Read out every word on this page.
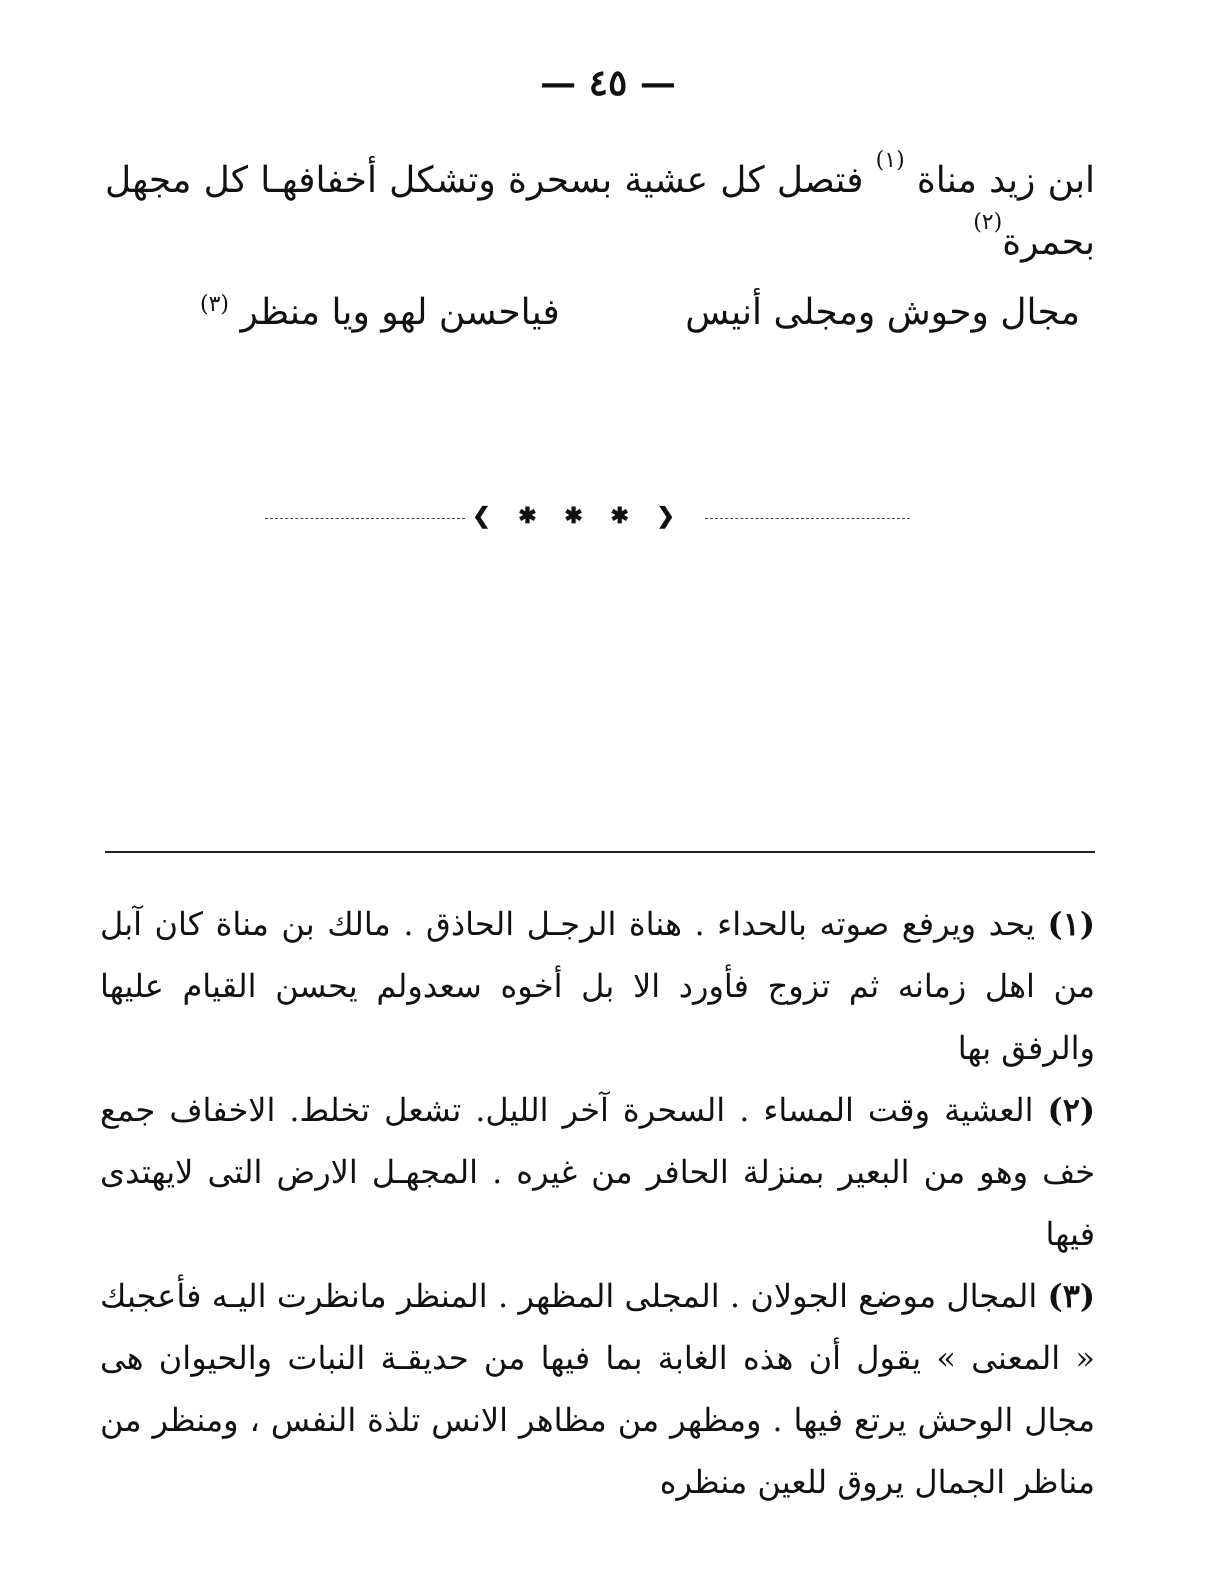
— ٤٥ —
ابن زيد مناة $^{(١)}$ فتصل كل عشية بسحرة وتشكل أخفافهـا كل مجهل بحمرة$^{(٢)}$
مجال وحوش ومجلى أنيس
فياحسن لهو ويا منظر $^{(٣)}$
❮ ✱ ✱ ✱ ❯

(١) يحد ويرفع صوته بالحداء . هناة الرجـل الحاذق . مالك بن مناة كان آبل من اهل زمانه ثم تزوج فأورد الا بل أخوه سعدولم يحسن القيام عليها والرفق بها

(٢) العشية وقت المساء . السحرة آخر الليل. تشعل تخلط. الاخفاف جمع خف وهو من البعير بمنزلة الحافر من غيره . المجهـل الارض التى لايهتدى فيها

(٣) المجال موضع الجولان . المجلى المظهر . المنظر مانظرت اليـه فأعجبك « المعنى » يقول أن هذه الغابة بما فيها من حديقـة النبات والحيوان هى مجال الوحش يرتع فيها . ومظهر من مظاهر الانس تلذة النفس ، ومنظر من مناظر الجمال يروق للعين منظره
